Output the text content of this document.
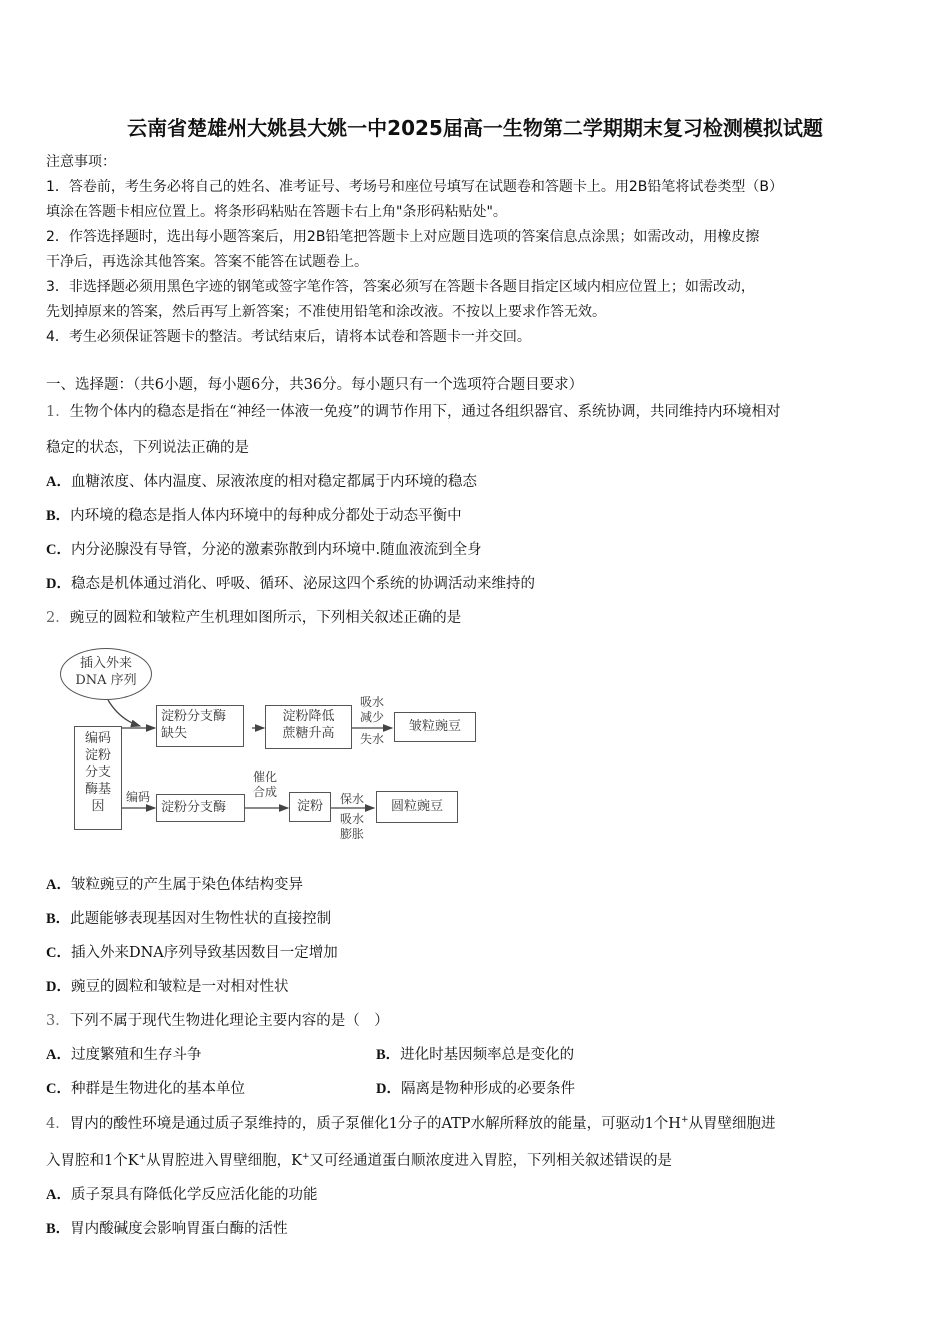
云南省楚雄州大姚县大姚一中2025届高一生物第二学期期末复习检测模拟试题
注意事项：
1．答卷前，考生务必将自己的姓名、准考证号、考场号和座位号填写在试题卷和答题卡上。用2B铅笔将试卷类型（B）
填涂在答题卡相应位置上。将条形码粘贴在答题卡右上角"条形码粘贴处"。
2．作答选择题时，选出每小题答案后，用2B铅笔把答题卡上对应题目选项的答案信息点涂黑；如需改动，用橡皮擦
干净后，再选涂其他答案。答案不能答在试题卷上。
3．非选择题必须用黑色字迹的钢笔或签字笔作答，答案必须写在答题卡各题目指定区域内相应位置上；如需改动，
先划掉原来的答案，然后再写上新答案；不准使用铅笔和涂改液。不按以上要求作答无效。
4．考生必须保证答题卡的整洁。考试结束后，请将本试卷和答题卡一并交回。
一、选择题：（共6小题，每小题6分，共36分。每小题只有一个选项符合题目要求）
1．生物个体内的稳态是指在“神经一体液一免疫”的调节作用下，通过各组织器官、系统协调，共同维持内环境相对
稳定的状态，下列说法正确的是
A．血糖浓度、体内温度、尿液浓度的相对稳定都属于内环境的稳态
B．内环境的稳态是指人体内环境中的每种成分都处于动态平衡中
C．内分泌腺没有导管，分泌的激素弥散到内环境中.随血液流到全身
D．稳态是机体通过消化、呼吸、循环、泌尿这四个系统的协调活动来维持的
2．豌豆的圆粒和皱粒产生机理如图所示，下列相关叙述正确的是
插入外来
DNA 序列
编码
淀粉
分支
酶基
因
淀粉分支酶
缺失
淀粉降低
蔗糖升高
吸水
减少
失水
皱粒豌豆
编码
淀粉分支酶
催化
合成
淀粉	保水
吸水
膨胀
圆粒豌豆
A．皱粒豌豆的产生属于染色体结构变异
B．此题能够表现基因对生物性状的直接控制
C．插入外来DNA序列导致基因数目一定增加
D．豌豆的圆粒和皱粒是一对相对性状
3．下列不属于现代生物进化理论主要内容的是（　）
A．过度繁殖和生存斗争	B．进化时基因频率总是变化的
C．种群是生物进化的基本单位	D．隔离是物种形成的必要条件
4．胃内的酸性环境是通过质子泵维持的，质子泵催化1分子的ATP水解所释放的能量，可驱动1个H+从胃壁细胞进
入胃腔和1个K+从胃腔进入胃壁细胞，K+又可经通道蛋白顺浓度进入胃腔，下列相关叙述错误的是
A．质子泵具有降低化学反应活化能的功能
B．胃内酸碱度会影响胃蛋白酶的活性
